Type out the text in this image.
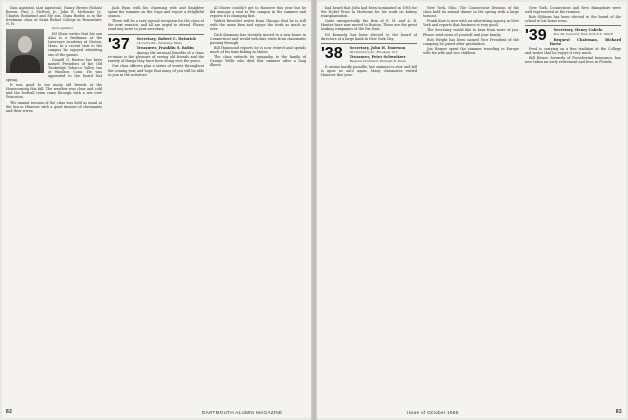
Sam Agatston (Ant Agatston), Nancy Brown (Nolan) Brown, Paul J. McEvoy Jr., John B. McKenzie Jr., Charles Rodarmel and My son, Dana Butler, is in the freshman class at Saint Rafael College in Rensselaer, N. H.

Sam Agatston

Ed Shaw writes that his son Alan is a freshman at the Lawrence Academy at Groton, Mass. In a recent visit to the campus he enjoyed attending one of the games.

Donald G. Barton has been named President of the Old Tunbridge Tobacco Valley Inn at Windsor, Conn. He was appointed to the board last spring.

It was good to see many old friends at the Homecoming this fall. The weather was clear and cold and the football team came through with a win over Princeton.

The annual reunion of the class was held as usual at the Inn in Hanover with a good turnout of classmates and their wives.

Jack Ryan with his charming wife and daughter spent the summer on the Cape and report a delightful season.

There will be a very special reception for the class at the next reunion, and all are urged to attend. Please send any news to your secretary.

'37	Secretary, Robert C. Heinrick

14 Curry Rd., Wellesley, Mass.

Treasurer, Franklin S. Robin

Among the unusual benefits of a class re-union is the pleasure of seeing old friends and the variety of things they have been doing over the years.

Our class officers plan a series of events throughout the coming year and hope that many of you will be able to join in the activities.

Al Moore couldn't get to Hanover this year but he did manage a visit to the campus in the summer and reports it is changing fast.

Walter Benedict writes from Chicago that he is still with the same firm and enjoys the work as much as ever.

Dick Simmons has recently moved to a new home in Connecticut and would welcome visits from classmates passing through.

Bill Hammond reports he is now retired and spends much of his time fishing in Maine.

The class extends its sympathy to the family of George Wells who died this summer after a long illness.

82	DARTMOUTH ALUMNI MAGAZINE

had heard that John had been nominated in 1965 for the Nobel Prize in Medicine for his work on kidney transplantation.

Quite unexpectedly, the firm of E. H. and A. B. Hunter have now moved to Boston. These are the great trading companies of the Far East.

Ed Kennedy has been elected to the board of directors of a large bank in New York City.

'38	Secretary, John H. Emerson

38 Gramercy St., Brooklyn, N.Y.

Treasurer, Peter Schweitzer

Bequest Chairman, Rudolph B. Dunn

It seems hardly possible, but summer is over and fall is upon us once again. Many classmates visited Hanover this year.

New York, Ohio. The Connecticut Division of the class held its annual dinner in the spring with a large turnout.

Frank Kerr is now with an advertising agency in New York and reports that business is very good.

The Secretary would like to hear from more of you. Please send news of yourself and your family.

Bob Wright has been named Vice President of the company he joined after graduation.

Jim Harper spent the summer traveling in Europe with his wife and two children.

New York, Connecticut and New Hampshire were well represented at the reunion.

Bob Gibbons has been elected to the board of the school in his home town.

'39	Secretary, Henry Cohelo

Box 28, Concord, New York N.Y. 10019

Bequest Chairman, Richard Hartz

Fred is carrying on a fine tradition at the College and writes that he enjoys it very much.

Bill Heiser, formerly of Providential Insurance, has now taken an early retirement and lives in Florida.

Issue of October 1966	83
